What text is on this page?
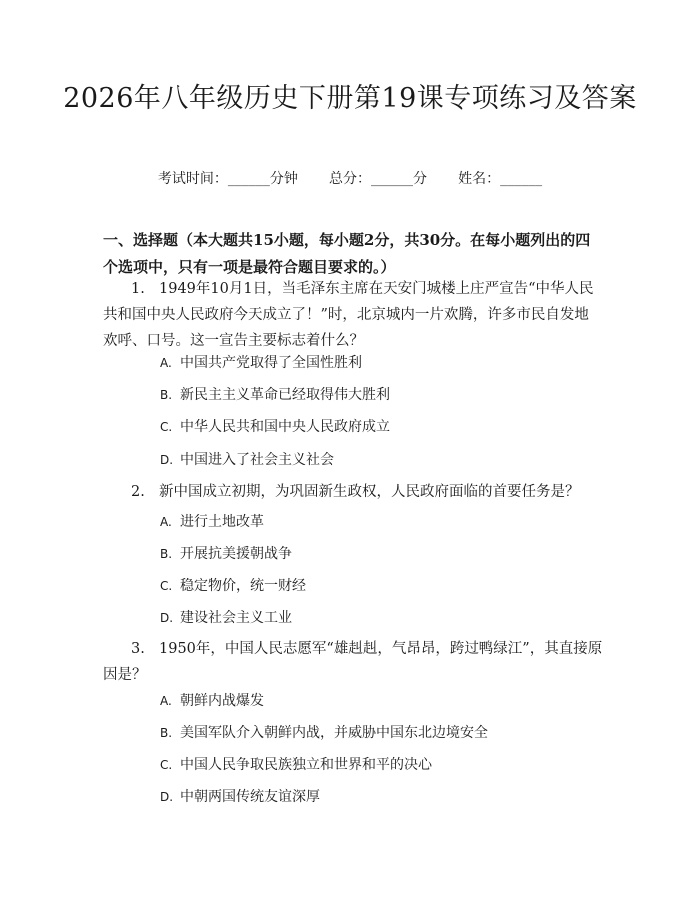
2026年八年级历史下册第19课专项练习及答案
考试时间：______分钟       总分：______分       姓名：______
一、选择题（本大题共15小题，每小题2分，共30分。在每小题列出的四个选项中，只有一项是最符合题目要求的。）
1. 1949年10月1日，当毛泽东主席在天安门城楼上庄严宣告“中华人民共和国中央人民政府今天成立了！”时，北京城内一片欢腾，许多市民自发地欢呼、口号。这一宣告主要标志着什么？
A. 中国共产党取得了全国性胜利
B. 新民主主义革命已经取得伟大胜利
C. 中华人民共和国中央人民政府成立
D. 中国进入了社会主义社会
2. 新中国成立初期，为巩固新生政权，人民政府面临的首要任务是？
A. 进行土地改革
B. 开展抗美援朝战争
C. 稳定物价，统一财经
D. 建设社会主义工业
3. 1950年，中国人民志愿军“雄赳赳，气昂昂，跨过鸭绿江”，其直接原因是？
A. 朝鲜内战爆发
B. 美国军队介入朝鲜内战，并威胁中国东北边境安全
C. 中国人民争取民族独立和世界和平的决心
D. 中朝两国传统友谊深厚
